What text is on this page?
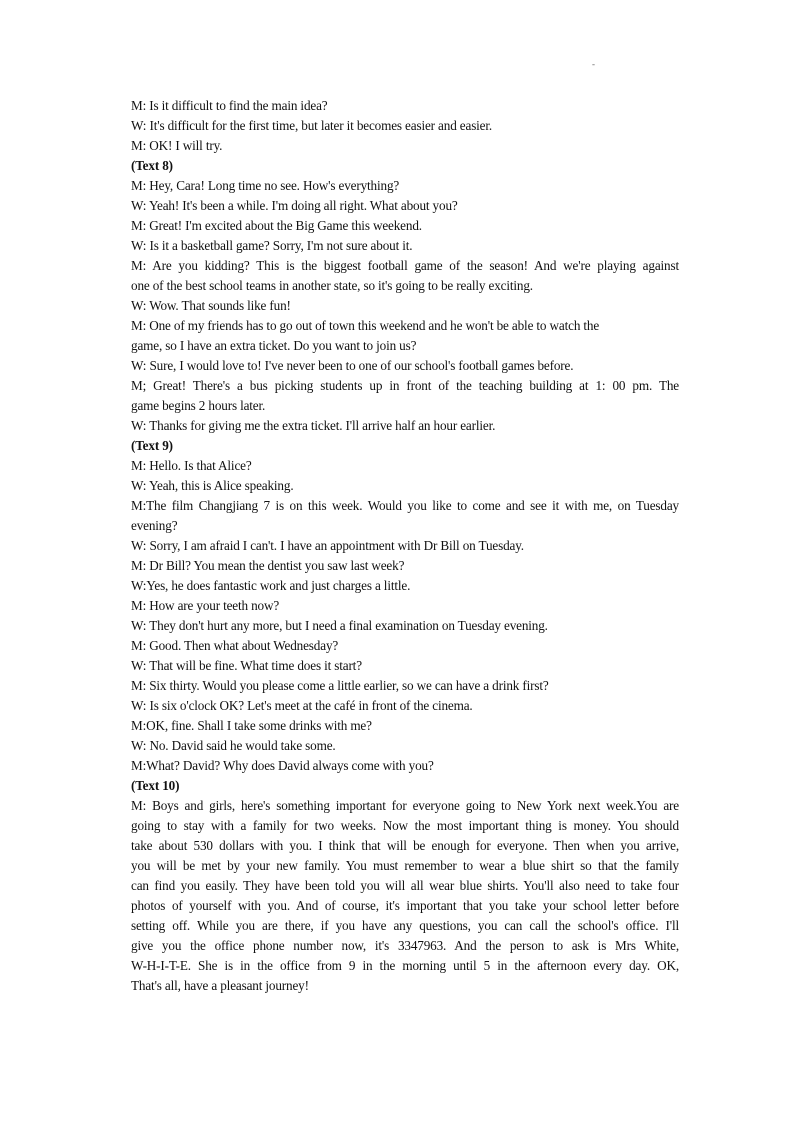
-

M: Is it difficult to find the main idea?

W: It's difficult for the first time, but later it becomes easier and easier.

M: OK! I will try.

(Text 8)

M: Hey, Cara! Long time no see. How's everything?

W: Yeah! It's been a while. I'm doing all right. What about you?

M: Great! I'm excited about the Big Game this weekend.

W: Is it a basketball game? Sorry, I'm not sure about it.

M: Are you kidding? This is the biggest football game of the season! And we're playing against

one of the best school teams in another state, so it's going to be really exciting.

W: Wow. That sounds like fun!

M: One of my friends has to go out of town this weekend and he won't be able to watch the

game, so I have an extra ticket. Do you want to join us?

W: Sure, I would love to! I've never been to one of our school's football games before.

M; Great! There's a bus picking students up in front of the teaching building at 1: 00 pm. The

game begins 2 hours later.

W: Thanks for giving me the extra ticket. I'll arrive half an hour earlier.

(Text 9)

M: Hello. Is that Alice?

W: Yeah, this is Alice speaking.

M:The film Changjiang 7 is on this week. Would you like to come and see it with me, on Tuesday

evening?

W: Sorry, I am afraid I can't. I have an appointment with Dr Bill on Tuesday.

M: Dr Bill? You mean the dentist you saw last week?

W:Yes, he does fantastic work and just charges a little.

M: How are your teeth now?

W: They don't hurt any more, but I need a final examination on Tuesday evening.

M: Good. Then what about Wednesday?

W: That will be fine. What time does it start?

M: Six thirty. Would you please come a little earlier, so we can have a drink first?

W: Is six o'clock OK? Let's meet at the café in front of the cinema.

M:OK, fine. Shall I take some drinks with me?

W: No. David said he would take some.

M:What? David? Why does David always come with you?

(Text 10)

M: Boys and girls, here's something important for everyone going to New York next week.You are

going to stay with a family for two weeks. Now the most important thing is money. You should

take about 530 dollars with you. I think that will be enough for everyone. Then when you arrive,

you will be met by your new family. You must remember to wear a blue shirt so that the family

can find you easily. They have been told you will all wear blue shirts. You'll also need to take four

photos of yourself with you. And of course, it's important that you take your school letter before

setting off. While you are there, if you have any questions, you can call the school's office. I'll

give you the office phone number now, it's 3347963. And the person to ask is Mrs White,

W-H-I-T-E. She is in the office from 9 in the morning until 5 in the afternoon every day. OK,

That's all, have a pleasant journey!
